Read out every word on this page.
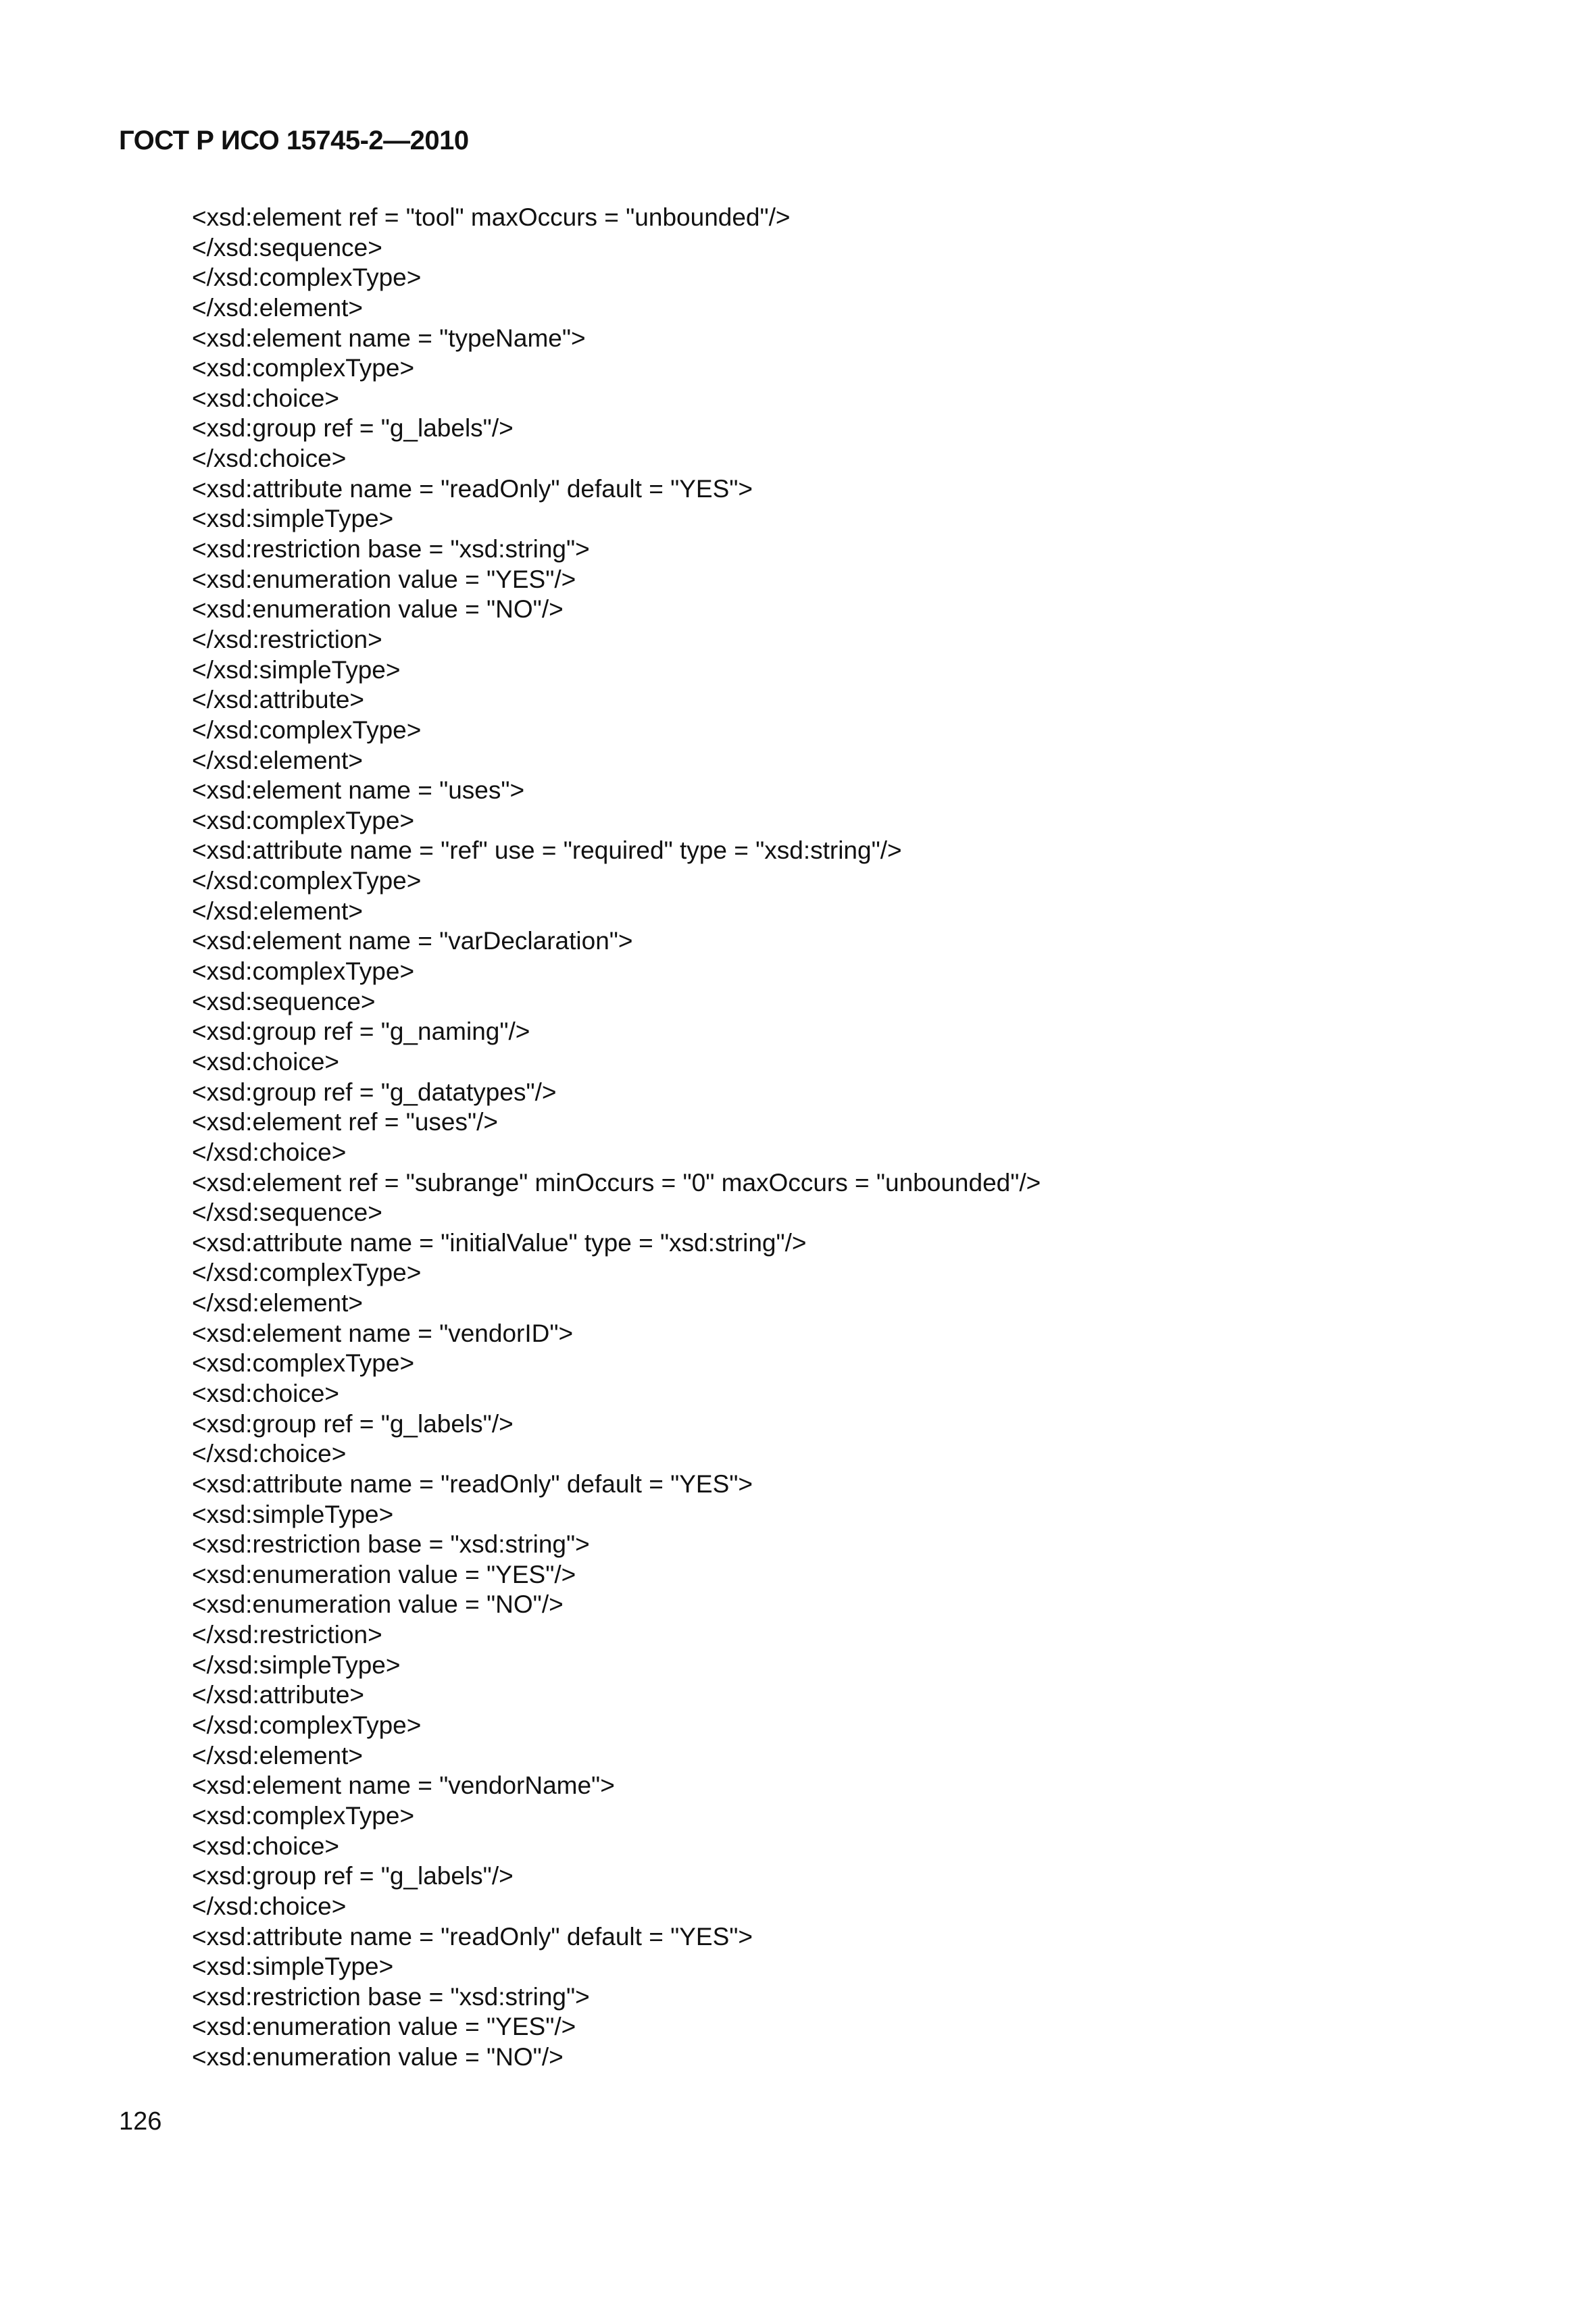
ГОСТ Р ИСО 15745-2—2010
<xsd:element ref = "tool" maxOccurs = "unbounded"/>
</xsd:sequence>
</xsd:complexType>
</xsd:element>
<xsd:element name = "typeName">
<xsd:complexType>
<xsd:choice>
<xsd:group ref = "g_labels"/>
</xsd:choice>
<xsd:attribute name = "readOnly" default = "YES">
<xsd:simpleType>
<xsd:restriction base = "xsd:string">
<xsd:enumeration value = "YES"/>
<xsd:enumeration value = "NO"/>
</xsd:restriction>
</xsd:simpleType>
</xsd:attribute>
</xsd:complexType>
</xsd:element>
<xsd:element name = "uses">
<xsd:complexType>
<xsd:attribute name = "ref" use = "required" type = "xsd:string"/>
</xsd:complexType>
</xsd:element>
<xsd:element name = "varDeclaration">
<xsd:complexType>
<xsd:sequence>
<xsd:group ref = "g_naming"/>
<xsd:choice>
<xsd:group ref = "g_datatypes"/>
<xsd:element ref = "uses"/>
</xsd:choice>
<xsd:element ref = "subrange" minOccurs = "0" maxOccurs = "unbounded"/>
</xsd:sequence>
<xsd:attribute name = "initialValue" type = "xsd:string"/>
</xsd:complexType>
</xsd:element>
<xsd:element name = "vendorID">
<xsd:complexType>
<xsd:choice>
<xsd:group ref = "g_labels"/>
</xsd:choice>
<xsd:attribute name = "readOnly" default = "YES">
<xsd:simpleType>
<xsd:restriction base = "xsd:string">
<xsd:enumeration value = "YES"/>
<xsd:enumeration value = "NO"/>
</xsd:restriction>
</xsd:simpleType>
</xsd:attribute>
</xsd:complexType>
</xsd:element>
<xsd:element name = "vendorName">
<xsd:complexType>
<xsd:choice>
<xsd:group ref = "g_labels"/>
</xsd:choice>
<xsd:attribute name = "readOnly" default = "YES">
<xsd:simpleType>
<xsd:restriction base = "xsd:string">
<xsd:enumeration value = "YES"/>
<xsd:enumeration value = "NO"/>
126
